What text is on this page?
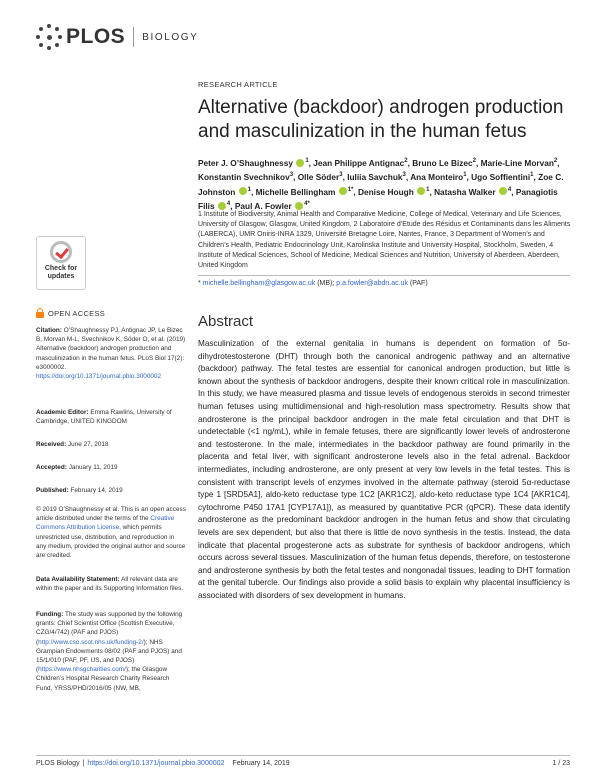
PLOS BIOLOGY
Check for
updates
OPEN ACCESS
Citation: O’Shaughnessy PJ, Antignac JP, Le Bizec B, Morvan M-L, Svechnikov K, Söder O, et al. (2019) Alternative (backdoor) androgen production and masculinization in the human fetus. PLoS Biol 17(2): e3000002. https://doi.org/10.1371/journal.pbio.3000002
Academic Editor: Emma Rawlins, University of Cambridge, UNITED KINGDOM
Received: June 27, 2018
Accepted: January 11, 2019
Published: February 14, 2019
© 2019 O’Shaughnessy et al. This is an open access article distributed under the terms of the Creative Commons Attribution License, which permits unrestricted use, distribution, and reproduction in any medium, provided the original author and source are credited.
Data Availability Statement: All relevant data are within the paper and its Supporting Information files.
Funding: The study was supported by the following grants: Chief Scientist Office (Scottish Executive, CZG/4/742) (PAF and PJOS) (http://www.cso.scot.nhs.uk/funding-2/); NHS Grampian Endowments 08/02 (PAF and PJOS) and 15/1/010 (PAF, PF, US, and PJOS) (https://www.nhsgcharities.com/); the Glasgow Children’s Hospital Research Charity Research Fund, YRSS/PHD/2016/05 (NW, MB,
RESEARCH ARTICLE
Alternative (backdoor) androgen production and masculinization in the human fetus
Peter J. O’Shaughnessy $^1$, Jean Philippe Antignac$^2$, Bruno Le Bizec$^2$, Marie-Line Morvan$^2$, Konstantin Svechnikov$^3$, Olle Söder$^3$, Iuliia Savchuk$^3$, Ana Monteiro$^1$, Ugo Soffientini$^1$, Zoe C. Johnston $^1$, Michelle Bellingham $^{1*}$, Denise Hough $^1$, Natasha Walker $^4$, Panagiotis Filis $^4$, Paul A. Fowler $^{4*}$
1 Institute of Biodiversity, Animal Health and Comparative Medicine, College of Medical, Veterinary and Life Sciences, University of Glasgow, Glasgow, United Kingdom, 2 Laboratoire d’Etude des Résidus et Contaminants dans les Aliments (LABERCA), UMR Oniris-INRA 1329, Université Bretagne Loire, Nantes, France, 3 Department of Women’s and Children’s Health, Pediatric Endocrinology Unit, Karolinska Institute and University Hospital, Stockholm, Sweden, 4 Institute of Medical Sciences, School of Medicine, Medical Sciences and Nutrition, University of Aberdeen, Aberdeen, United Kingdom
* michelle.bellingham@glasgow.ac.uk (MB); p.a.fowler@abdn.ac.uk (PAF)
Abstract

Masculinization of the external genitalia in humans is dependent on formation of 5α-dihydrotestosterone (DHT) through both the canonical androgenic pathway and an alternative (backdoor) pathway. The fetal testes are essential for canonical androgen production, but little is known about the synthesis of backdoor androgens, despite their known critical role in masculinization. In this study, we have measured plasma and tissue levels of endogenous steroids in second trimester human fetuses using multidimensional and high-resolution mass spectrometry. Results show that androsterone is the principal backdoor androgen in the male fetal circulation and that DHT is undetectable (<1 ng/mL), while in female fetuses, there are significantly lower levels of androsterone and testosterone. In the male, intermediates in the backdoor pathway are found primarily in the placenta and fetal liver, with significant androsterone levels also in the fetal adrenal. Backdoor intermediates, including androsterone, are only present at very low levels in the fetal testes. This is consistent with transcript levels of enzymes involved in the alternate pathway (steroid 5α-reductase type 1 [SRD5A1], aldo-keto reductase type 1C2 [AKR1C2], aldo-keto reductase type 1C4 [AKR1C4], cytochrome P450 17A1 [CYP17A1]), as measured by quantitative PCR (qPCR). These data identify androsterone as the predominant backdoor androgen in the human fetus and show that circulating levels are sex dependent, but also that there is little de novo synthesis in the testis. Instead, the data indicate that placental progesterone acts as substrate for synthesis of backdoor androgens, which occurs across several tissues. Masculinization of the human fetus depends, therefore, on testosterone and androsterone synthesis by both the fetal testes and nongonadal tissues, leading to DHT formation at the genital tubercle. Our findings also provide a solid basis to explain why placental insufficiency is associated with disorders of sex development in humans.

PLOS Biology | https://doi.org/10.1371/journal.pbio.3000002 February 14, 2019	1 / 23
